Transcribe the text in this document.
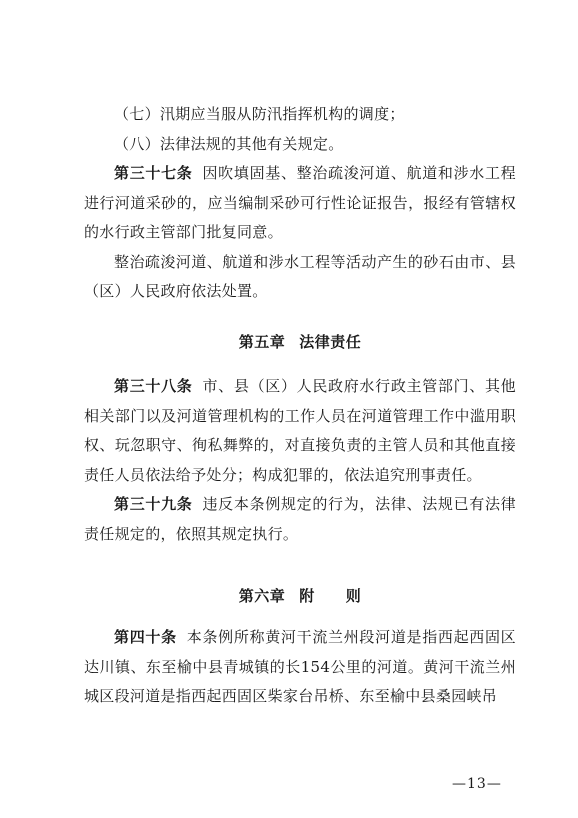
（七）汛期应当服从防汛指挥机构的调度；

（八）法律法规的其他有关规定。

第三十七条 因吹填固基、整治疏浚河道、航道和涉水工程进行河道采砂的，应当编制采砂可行性论证报告，报经有管辖权的水行政主管部门批复同意。

整治疏浚河道、航道和涉水工程等活动产生的砂石由市、县（区）人民政府依法处置。

第五章 法律责任

第三十八条 市、县（区）人民政府水行政主管部门、其他相关部门以及河道管理机构的工作人员在河道管理工作中滥用职权、玩忽职守、徇私舞弊的，对直接负责的主管人员和其他直接责任人员依法给予处分；构成犯罪的，依法追究刑事责任。

第三十九条 违反本条例规定的行为，法律、法规已有法律责任规定的，依照其规定执行。

第六章 附　　则

第四十条 本条例所称黄河干流兰州段河道是指西起西固区达川镇、东至榆中县青城镇的长154公里的河道。黄河干流兰州城区段河道是指西起西固区柴家台吊桥、东至榆中县桑园峡吊

—13—
